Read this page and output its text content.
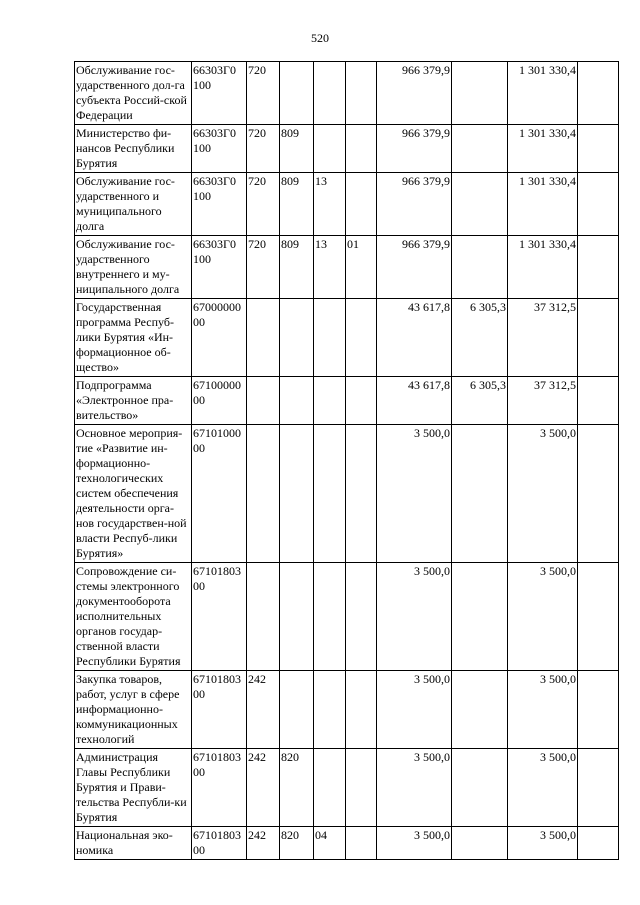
520
Обслуживание гос-ударственного дол-га субъекта Россий-ской Федерации	66303Г0 100	720				966 379,9		1 301 330,4	
Министерство фи-нансов Республики Бурятия	66303Г0 100	720	809			966 379,9		1 301 330,4	
Обслуживание гос-ударственного и муниципального долга	66303Г0 100	720	809	13		966 379,9		1 301 330,4	
Обслуживание гос-ударственного внутреннего и му-ниципального долга	66303Г0 100	720	809	13	01	966 379,9		1 301 330,4	
Государственная программа Респуб-лики Бурятия «Ин-формационное об-щество»	67000000 00					43 617,8	6 305,3	37 312,5	
Подпрограмма «Электронное пра-вительство»	67100000 00					43 617,8	6 305,3	37 312,5	
Основное мероприя-тие «Развитие ин-формационно-технологических систем обеспечения деятельности орга-нов государствен-ной власти Респуб-лики Бурятия»	67101000 00					3 500,0		3 500,0	
Сопровождение си-стемы электронного документооборота исполнительных органов государ-ственной власти Республики Бурятия	67101803 00					3 500,0		3 500,0	
Закупка товаров, работ, услуг в сфере информационно-коммуникационных технологий	67101803 00	242				3 500,0		3 500,0	
Администрация Главы Республики Бурятия и Прави-тельства Республи-ки Бурятия	67101803 00	242	820			3 500,0		3 500,0	
Национальная эко-номика	67101803 00	242	820	04		3 500,0		3 500,0	
